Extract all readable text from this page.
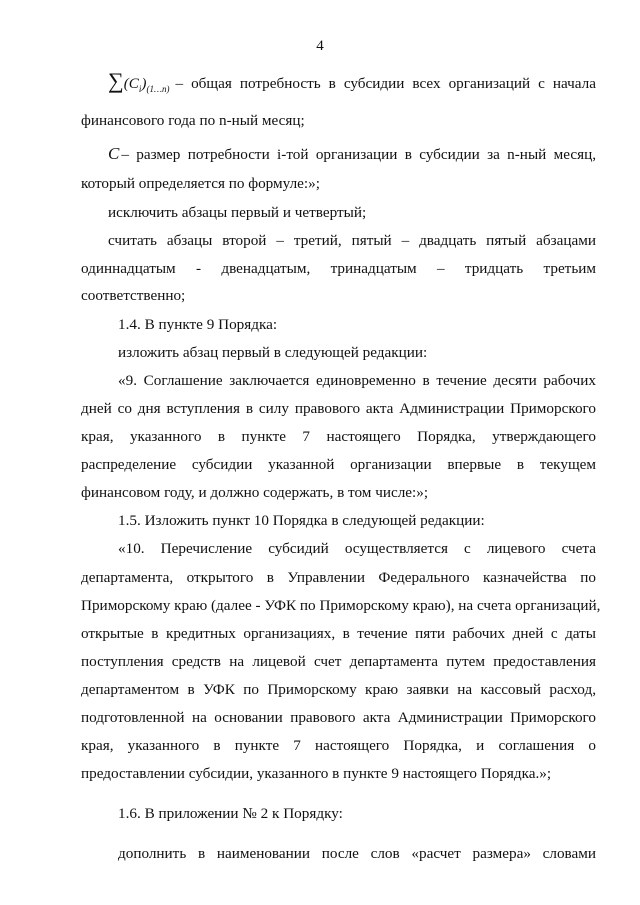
4
∑ (C i ) (1…n) – общая потребность в субсидии всех организаций с начала
финансового года по n-ный месяц;
С – размер потребности i-той организации в субсидии за n-ный месяц,
который определяется по формуле:»;
исключить абзацы первый и четвертый;
считать абзацы второй – третий, пятый – двадцать пятый абзацами
одиннадцатым - двенадцатым, тринадцатым – тридцать третьим
соответственно;
1.4. В пункте 9 Порядка:
изложить абзац первый в следующей редакции:
«9. Соглашение заключается единовременно в течение десяти рабочих
дней со дня вступления в силу правового акта Администрации Приморского
края, указанного в пункте 7 настоящего Порядка, утверждающего
распределение субсидии указанной организации впервые в текущем
финансовом году, и должно содержать, в том числе:»;
1.5. Изложить пункт 10 Порядка в следующей редакции:
«10. Перечисление субсидий осуществляется с лицевого счета
департамента, открытого в Управлении Федерального казначейства по
Приморскому краю (далее - УФК по Приморскому краю), на счета организаций,
открытые в кредитных организациях, в течение пяти рабочих дней с даты
поступления средств на лицевой счет департамента путем предоставления
департаментом в УФК по Приморскому краю заявки на кассовый расход,
подготовленной на основании правового акта Администрации Приморского
края, указанного в пункте 7 настоящего Порядка, и соглашения о
предоставлении субсидии, указанного в пункте 9 настоящего Порядка.»;
1.6. В приложении № 2 к Порядку:
дополнить в наименовании после слов «расчет размера» словами
